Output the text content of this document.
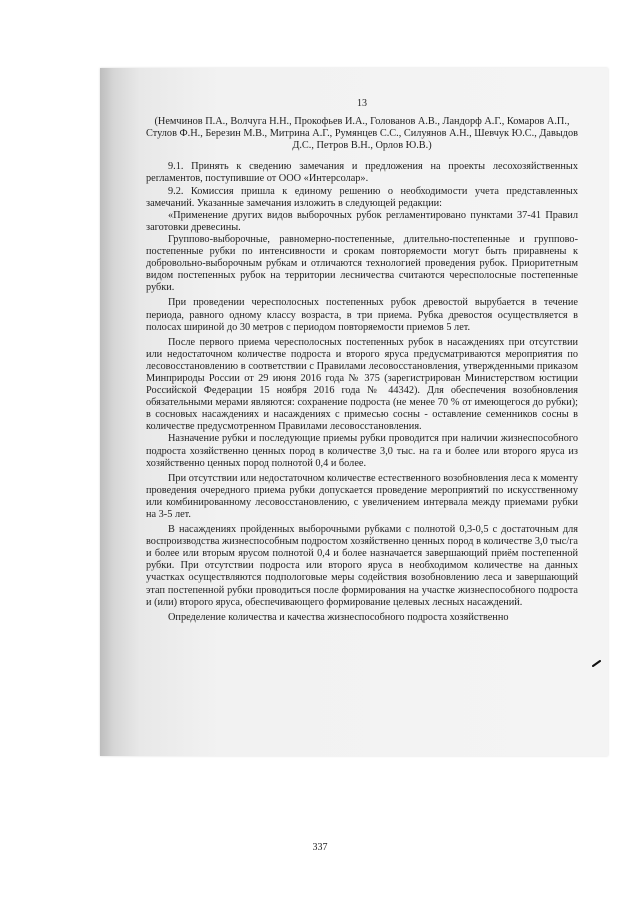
13
(Немчинов П.А., Волчуга Н.Н., Прокофьев И.А., Голованов А.В., Ландорф А.Г., Комаров А.П., Стулов Ф.Н., Березин М.В., Митрина А.Г., Румянцев С.С., Силуянов А.Н., Шевчук Ю.С., Давыдов Д.С., Петров В.Н., Орлов Ю.В.)

9.1. Принять к сведению замечания и предложения на проекты лесохозяйственных регламентов, поступившие от ООО «Интерсолар».

9.2. Комиссия пришла к единому решению о необходимости учета представленных замечаний. Указанные замечания изложить в следующей редакции:

«Применение других видов выборочных рубок регламентировано пунктами 37-41 Правил заготовки древесины.

Группово-выборочные, равномерно-постепенные, длительно-постепенные и группово-постепенные рубки по интенсивности и срокам повторяемости могут быть приравнены к добровольно-выборочным рубкам и отличаются технологией проведения рубок. Приоритетным видом постепенных рубок на территории лесничества считаются чересполосные постепенные рубки.

При проведении чересполосных постепенных рубок древостой вырубается в течение периода, равного одному классу возраста, в три приема. Рубка древостоя осуществляется в полосах шириной до 30 метров с периодом повторяемости приемов 5 лет.

После первого приема чересполосных постепенных рубок в насаждениях при отсутствии или недостаточном количестве подроста и второго яруса предусматриваются мероприятия по лесовосстановлению в соответствии с Правилами лесовосстановления, утвержденными приказом Минприроды России от 29 июня 2016 года № 375 (зарегистрирован Министерством юстиции Российской Федерации 15 ноября 2016 года № 44342). Для обеспечения возобновления обязательными мерами являются: сохранение подроста (не менее 70 % от имеющегося до рубки); в сосновых насаждениях и насаждениях с примесью сосны - оставление семенников сосны в количестве предусмотренном Правилами лесовосстановления.

Назначение рубки и последующие приемы рубки проводится при наличии жизнеспособного подроста хозяйственно ценных пород в количестве 3,0 тыс. на га и более или второго яруса из хозяйственно ценных пород полнотой 0,4 и более.

При отсутствии или недостаточном количестве естественного возобновления леса к моменту проведения очередного приема рубки допускается проведение мероприятий по искусственному или комбинированному лесовосстановлению, с увеличением интервала между приемами рубки на 3-5 лет.

В насаждениях пройденных выборочными рубками с полнотой 0,3-0,5 с достаточным для воспроизводства жизнеспособным подростом хозяйственно ценных пород в количестве 3,0 тыс/га и более или вторым ярусом полнотой 0,4 и более назначается завершающий приём постепенной рубки. При отсутствии подроста или второго яруса в необходимом количестве на данных участках осуществляются подпологовые меры содействия возобновлению леса и завершающий этап постепенной рубки проводиться после формирования на участке жизнеспособного подроста и (или) второго яруса, обеспечивающего формирование целевых лесных насаждений.

Определение количества и качества жизнеспособного подроста хозяйственно

337
